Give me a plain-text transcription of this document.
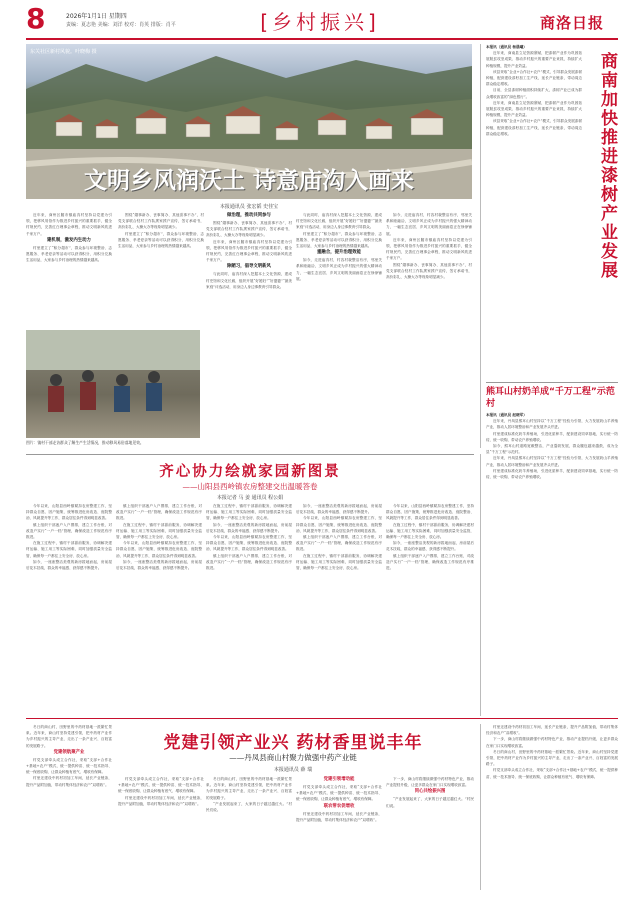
8	2026年1月1日 星期四
责编：夏志艳 美编：刘洋 校对：肖英 排版：肖平	[乡村振兴]	商洛日报
东关社区新村风貌。叶晓梅 摄
文明乡风润沃土 诗意庙沟入画来
本报通讯员 张宏韬 史佳宝

近年来，商州区腰市镇庙沟村坚持以党建为引领，把移风易俗作为推进乡村振兴的重要抓手，健全村规民约，完善红白理事会章程，推动文明新风吹进千家万户。

建机制，激发内生动力

村里建立了“积分超市”，群众参与环境整治、志愿服务、孝老爱亲等活动可以获得积分，用积分兑换生活用品，大家参与乡村治理的热情越来越高。

图片：镇村干部走访群众了解生产生活情况，推动移风易俗落地见效。

围绕“婚事新办、丧事简办、其他喜事不办”，村党支部联合驻村工作队挨家挨户宣传，签订承诺书，高价彩礼、大操大办等现象明显减少。

村里建立了“积分超市”，群众参与环境整治、志愿服务、孝老爱亲等活动可以获得积分，用积分兑换生活用品，大家参与乡村治理的热情越来越高。

做治理，推动共同参与

围绕“婚事新办、丧事简办、其他喜事不办”，村党支部联合驻村工作队挨家挨户宣传，签订承诺书，高价彩礼、大操大办等现象明显减少。

近年来，商州区腰市镇庙沟村坚持以党建为引领，把移风易俗作为推进乡村振兴的重要抓手，健全村规民约，完善红白理事会章程，推动文明新风吹进千家万户。

除陋习，倡导文明新风

与此同时，庙沟村深入挖掘本土文化资源，建成村史馆和文化长廊，组织开展“好媳妇”“好婆婆”“最美家庭”评选活动，用身边人身边事教育引导群众。

与此同时，庙沟村深入挖掘本土文化资源，建成村史馆和文化长廊，组织开展“好媳妇”“好婆婆”“最美家庭”评选活动，用身边人身边事教育引导群众。

村里建立了“积分超市”，群众参与环境整治、志愿服务、孝老爱亲等活动可以获得积分，用积分兑换生活用品，大家参与乡村治理的热情越来越高。

重融合，提升治理效能

如今，走进庙沟村，村容村貌整洁有序，邻里关系和睦融洽，文明乡风正成为乡村振兴的强大精神动力，一幅生态宜居、乡风文明的美丽画卷正在徐徐铺展。

如今，走进庙沟村，村容村貌整洁有序，邻里关系和睦融洽，文明乡风正成为乡村振兴的强大精神动力，一幅生态宜居、乡风文明的美丽画卷正在徐徐铺展。

近年来，商州区腰市镇庙沟村坚持以党建为引领，把移风易俗作为推进乡村振兴的重要抓手，健全村规民约，完善红白理事会章程，推动文明新风吹进千家万户。

围绕“婚事新办、丧事简办、其他喜事不办”，村党支部联合驻村工作队挨家挨户宣传，签订承诺书，高价彩礼、大操大办等现象明显减少。

本报讯（通讯员 杨晨曦）

近年来，商南县立足资源禀赋，把漆树产业作为巩固拓展脱贫攻坚成果、推动乡村振兴的重要产业来抓，持续扩大种植规模，提升产业效益。

该县采取“企业+合作社+农户”模式，引导群众发展漆树种植，配套建设漆籽加工生产线，延长产业链条，带动周边群众稳定增收。

目前，全县漆树种植面积持续扩大，漆树产业已成为群众增收致富的“绿色银行”。

近年来，商南县立足资源禀赋，把漆树产业作为巩固拓展脱贫攻坚成果、推动乡村振兴的重要产业来抓，持续扩大种植规模，提升产业效益。

该县采取“企业+合作社+农户”模式，引导群众发展漆树种植，配套建设漆籽加工生产线，延长产业链条，带动周边群众稳定增收。	商南加快推进漆树产业发展
熊耳山村奶羊成“千万工程”示范村
本报讯（通讯员 赵晓军）

近年来，丹凤县熊耳山村坚持以“千万工程”经验为引领，大力发展奶山羊养殖产业，推动人居环境整治和产业发展齐头并进。

村里建成标准化奶羊养殖场，引进优质种羊，配套建设饲草基地，实行统一防疫、统一收购，带动农户养殖增收。

如今，熊耳山村道路宽敞整洁，产业蓬勃发展，群众腰包越来越鼓，成为全县“千万工程”示范村。

近年来，丹凤县熊耳山村坚持以“千万工程”经验为引领，大力发展奶山羊养殖产业，推动人居环境整治和产业发展齐头并进。

村里建成标准化奶羊养殖场，引进优质种羊，配套建设饲草基地，实行统一防疫、统一收购，带动农户养殖增收。

齐心协力绘就家园新图景
——山阳县西岭镇农房整建交出温暖答卷
本报记者 马 姜 通讯员 程公娟

今年以来，山阳县西岭镇紧扣农房整建工作，坚持群众自愿、因户施策，统筹推进危房改造、庭院整治、风貌提升等工作，群众居住条件得到明显改善。

镇上组织干部逐户入户摸排，建立工作台账，对改造户实行“一户一档”管理，确保改造工作规范有序推进。

在施工过程中，镇村干部靠前服务，协调解决建材运输、施工用工等实际困难，同时加强质量安全监管，确保每一户都住上安全房、放心房。

如今，一座座整洁美观的新房拔地而起，房前屋后花木扶疏，群众的幸福感、获得感不断提升。

镇上组织干部逐户入户摸排，建立工作台账，对改造户实行“一户一档”管理，确保改造工作规范有序推进。

在施工过程中，镇村干部靠前服务，协调解决建材运输、施工用工等实际困难，同时加强质量安全监管，确保每一户都住上安全房、放心房。

今年以来，山阳县西岭镇紧扣农房整建工作，坚持群众自愿、因户施策，统筹推进危房改造、庭院整治、风貌提升等工作，群众居住条件得到明显改善。

如今，一座座整洁美观的新房拔地而起，房前屋后花木扶疏，群众的幸福感、获得感不断提升。

在施工过程中，镇村干部靠前服务，协调解决建材运输、施工用工等实际困难，同时加强质量安全监管，确保每一户都住上安全房、放心房。

如今，一座座整洁美观的新房拔地而起，房前屋后花木扶疏，群众的幸福感、获得感不断提升。

今年以来，山阳县西岭镇紧扣农房整建工作，坚持群众自愿、因户施策，统筹推进危房改造、庭院整治、风貌提升等工作，群众居住条件得到明显改善。

镇上组织干部逐户入户摸排，建立工作台账，对改造户实行“一户一档”管理，确保改造工作规范有序推进。

如今，一座座整洁美观的新房拔地而起，房前屋后花木扶疏，群众的幸福感、获得感不断提升。

今年以来，山阳县西岭镇紧扣农房整建工作，坚持群众自愿、因户施策，统筹推进危房改造、庭院整治、风貌提升等工作，群众居住条件得到明显改善。

镇上组织干部逐户入户摸排，建立工作台账，对改造户实行“一户一档”管理，确保改造工作规范有序推进。

在施工过程中，镇村干部靠前服务，协调解决建材运输、施工用工等实际困难，同时加强质量安全监管，确保每一户都住上安全房、放心房。

今年以来，山阳县西岭镇紧扣农房整建工作，坚持群众自愿、因户施策，统筹推进危房改造、庭院整治、风貌提升等工作，群众居住条件得到明显改善。

在施工过程中，镇村干部靠前服务，协调解决建材运输、施工用工等实际困难，同时加强质量安全监管，确保每一户都住上安全房、放心房。

如今，一座座整洁美观的新房拔地而起，房前屋后花木扶疏，群众的幸福感、获得感不断提升。

镇上组织干部逐户入户摸排，建立工作台账，对改造户实行“一户一档”管理，确保改造工作规范有序推进。

冬日的商山村，田野里的中药材基地一派繁忙景象。近年来，商山村坚持党建引领，把中药材产业作为乡村振兴的主导产业，走出了一条产业兴、百姓富的发展路子。

党建领航聚产业

村党支部牵头成立合作社，采取“支部+合作社+基地+农户”模式，统一提供种苗、统一技术指导、统一保底收购，让群众种植有底气、增收有保障。

村里还建设中药材初加工车间，延长产业链条，提升产品附加值，带动村集体经济和农户“双增收”。

党建引领产业兴 药材香里说丰年
——丹凤县商山村聚力做强中药产业链
本报通讯员 薛 瑞

村党支部牵头成立合作社，采取“支部+合作社+基地+农户”模式，统一提供种苗、统一技术指导、统一保底收购，让群众种植有底气、增收有保障。

村里还建设中药材初加工车间，延长产业链条，提升产品附加值，带动村集体经济和农户“双增收”。

冬日的商山村，田野里的中药材基地一派繁忙景象。近年来，商山村坚持党建引领，把中药材产业作为乡村振兴的主导产业，走出了一条产业兴、百姓富的发展路子。

“产业发展起来了，大家的日子越过越红火。”村民们说。

党建引领增动能

村党支部牵头成立合作社，采取“支部+合作社+基地+农户”模式，统一提供种苗、统一技术指导、统一保底收购，让群众种植有底气、增收有保障。

联农带农促增收

村里还建设中药材初加工车间，延长产业链条，提升产品附加值，带动村集体经济和农户“双增收”。

下一步，商山村将继续做强中药材特色产业，推动产业提档升级，让更多群众在家门口实现增收致富。

同心共绘振兴图

“产业发展起来了，大家的日子越过越红火。”村民们说。

村里还建设中药材初加工车间，延长产业链条，提升产品附加值，带动村集体经济和农户“双增收”。

下一步，商山村将继续做强中药材特色产业，推动产业提档升级，让更多群众在家门口实现增收致富。

冬日的商山村，田野里的中药材基地一派繁忙景象。近年来，商山村坚持党建引领，把中药材产业作为乡村振兴的主导产业，走出了一条产业兴、百姓富的发展路子。

村党支部牵头成立合作社，采取“支部+合作社+基地+农户”模式，统一提供种苗、统一技术指导、统一保底收购，让群众种植有底气、增收有保障。
